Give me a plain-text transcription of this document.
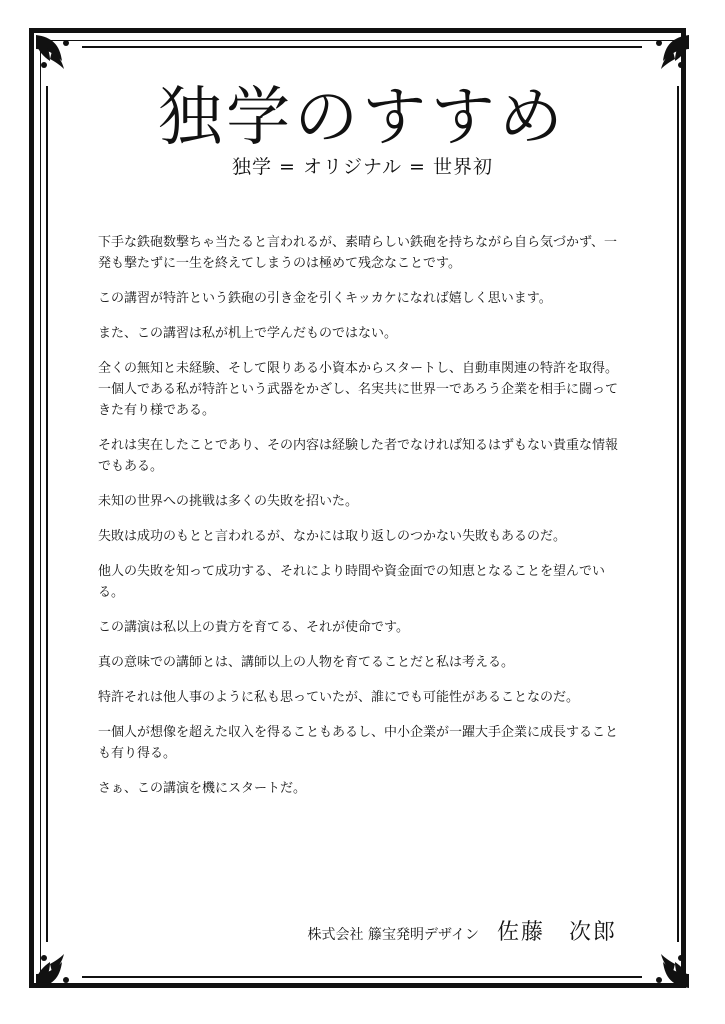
独学のすすめ
独学 = オリジナル = 世界初

下手な鉄砲数撃ちゃ当たると言われるが、素晴らしい鉄砲を持ちながら自ら気づかず、一発も撃たずに一生を終えてしまうのは極めて残念なことです。

この講習が特許という鉄砲の引き金を引くキッカケになれば嬉しく思います。

また、この講習は私が机上で学んだものではない。

全くの無知と未経験、そして限りある小資本からスタートし、自動車関連の特許を取得。一個人である私が特許という武器をかざし、名実共に世界一であろう企業を相手に闘ってきた有り様である。

それは実在したことであり、その内容は経験した者でなければ知るはずもない貴重な情報でもある。

未知の世界への挑戦は多くの失敗を招いた。

失敗は成功のもとと言われるが、なかには取り返しのつかない失敗もあるのだ。

他人の失敗を知って成功する、それにより時間や資金面での知恵となることを望んでいる。

この講演は私以上の貴方を育てる、それが使命です。

真の意味での講師とは、講師以上の人物を育てることだと私は考える。

特許それは他人事のように私も思っていたが、誰にでも可能性があることなのだ。

一個人が想像を超えた収入を得ることもあるし、中小企業が一躍大手企業に成長することも有り得る。

さぁ、この講演を機にスタートだ。

株式会社 籐宝発明デザイン 佐藤　次郎
